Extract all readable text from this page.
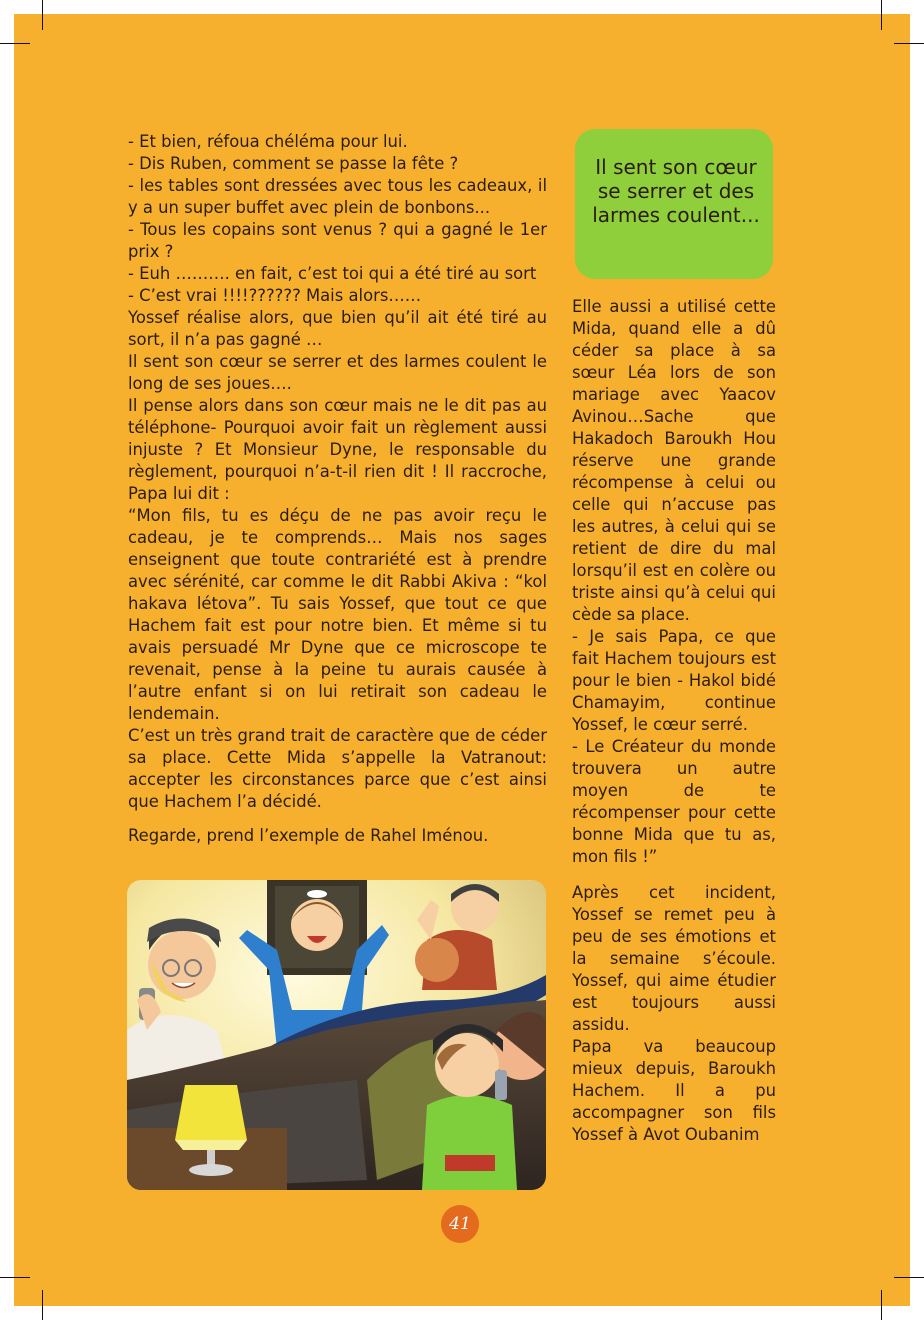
- Et bien, réfoua chéléma pour lui.

- Dis Ruben, comment se passe la fête ?

- les tables sont dressées avec tous les cadeaux, il y a un super buffet avec plein de bonbons...

- Tous les copains sont venus ? qui a gagné le 1er prix ?

- Euh ………. en fait, c’est toi qui a été tiré au sort

- C’est vrai !!!!?????? Mais alors……

Yossef réalise alors, que bien qu’il ait été tiré au sort, il n’a pas gagné …

Il sent son cœur se serrer et des larmes coulent le long de ses joues….

Il pense alors dans son cœur mais ne le dit pas au téléphone- Pourquoi avoir fait un règlement aussi injuste ? Et Monsieur Dyne, le responsable du règlement, pourquoi n’a-t-il rien dit ! Il raccroche, Papa lui dit :

“Mon fils, tu es déçu de ne pas avoir reçu le cadeau, je te comprends… Mais nos sages enseignent que toute contrariété est à prendre avec sérénité, car comme le dit Rabbi Akiva : “kol hakava létova”. Tu sais Yossef, que tout ce que Hachem fait est pour notre bien. Et même si tu avais persuadé Mr Dyne que ce microscope te revenait, pense à la peine tu aurais causée à l’autre enfant si on lui retirait son cadeau le lendemain.

C’est un très grand trait de caractère que de céder sa place. Cette Mida s’appelle la Vatranout: accepter les circonstances parce que c’est ainsi que Hachem l’a décidé.

Regarde, prend l’exemple de Rahel Iménou.

Il sent son cœur se serrer et des larmes coulent...

Elle aussi a utilisé cette Mida, quand elle a dû céder sa place à sa sœur Léa lors de son mariage avec Yaacov Avinou…Sache que Hakadoch Baroukh Hou réserve une grande récompense à celui ou celle qui n’accuse pas les autres, à celui qui se retient de dire du mal lorsqu’il est en colère ou triste ainsi qu’à celui qui cède sa place.

- Je sais Papa, ce que fait Hachem toujours est pour le bien - Hakol bidé Chamayim, continue Yossef, le cœur serré.

- Le Créateur du monde trouvera un autre moyen de te récompenser pour cette bonne Mida que tu as, mon fils !”

Après cet incident, Yossef se remet peu à peu de ses émotions et la semaine s’écoule. Yossef, qui aime étudier est toujours aussi assidu.

Papa va beaucoup mieux depuis, Baroukh Hachem. Il a pu accompagner son fils Yossef à Avot Oubanim

41
